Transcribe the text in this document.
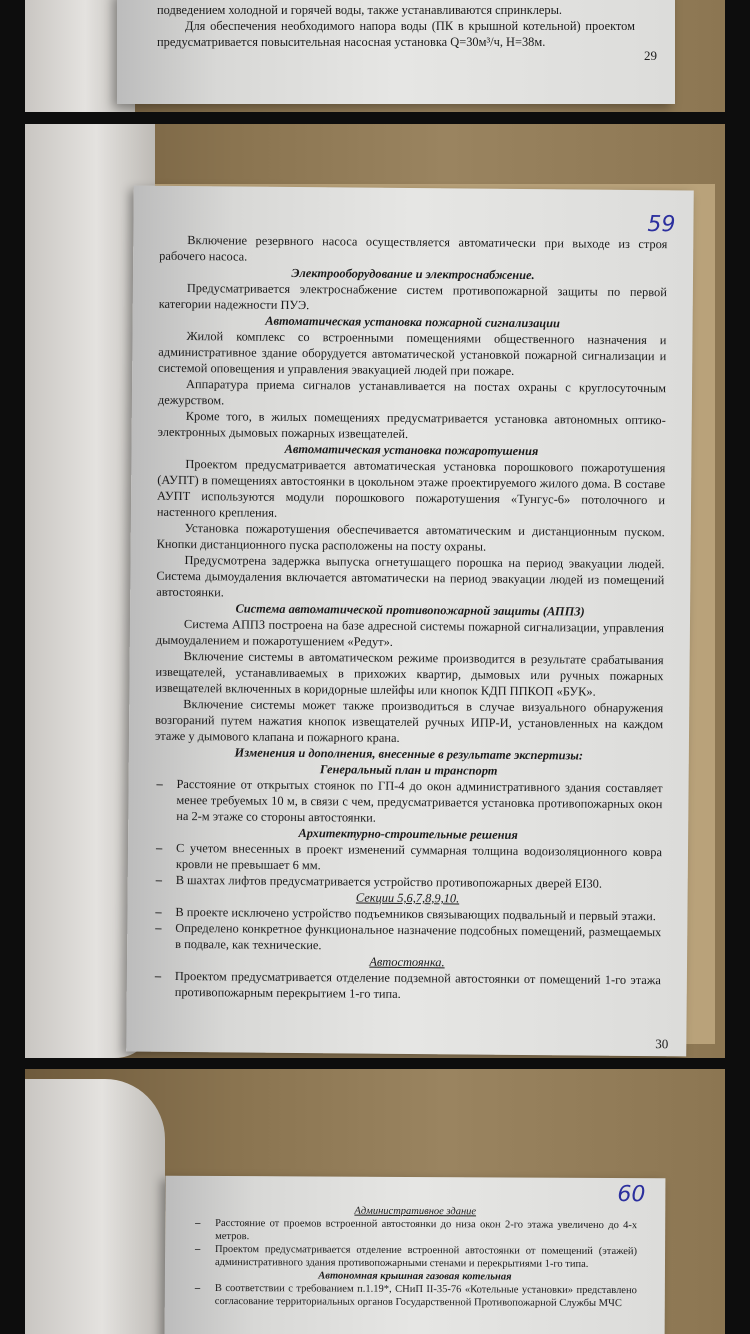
подведением холодной и горячей воды, также устанавливаются спринклеры.

Для обеспечения необходимого напора воды (ПК в крышной котельной) проектом предусматривается повысительная насосная установка Q=30м³/ч, H=38м.

29
59

Включение резервного насоса осуществляется автоматически при выходе из строя рабочего насоса.

Электрооборудование и электроснабжение.

Предусматривается электроснабжение систем противопожарной защиты по первой категории надежности ПУЭ.

Автоматическая установка пожарной сигнализации

Жилой комплекс со встроенными помещениями общественного назначения и административное здание оборудуется автоматической установкой пожарной сигнализации и системой оповещения и управления эвакуацией людей при пожаре.

Аппаратура приема сигналов устанавливается на постах охраны с круглосуточным дежурством.

Кроме того, в жилых помещениях предусматривается установка автономных оптико-электронных дымовых пожарных извещателей.

Автоматическая установка пожаротушения

Проектом предусматривается автоматическая установка порошкового пожаротушения (АУПТ) в помещениях автостоянки в цокольном этаже проектируемого жилого дома. В составе АУПТ используются модули порошкового пожаротушения «Тунгус-6» потолочного и настенного крепления.

Установка пожаротушения обеспечивается автоматическим и дистанционным пуском. Кнопки дистанционного пуска расположены на посту охраны.

Предусмотрена задержка выпуска огнетушащего порошка на период эвакуации людей. Система дымоудаления включается автоматически на период эвакуации людей из помещений автостоянки.

Система автоматической противопожарной защиты (АППЗ)

Система АППЗ построена на базе адресной системы пожарной сигнализации, управления дымоудалением и пожаротушением «Редут».

Включение системы в автоматическом режиме производится в результате срабатывания извещателей, устанавливаемых в прихожих квартир, дымовых или ручных пожарных извещателей включенных в коридорные шлейфы или кнопок КДП ППКОП «БУК».

Включение системы может также производиться в случае визуального обнаружения возгораний путем нажатия кнопок извещателей ручных ИПР-И, установленных на каждом этаже у дымового клапана и пожарного крана.

Изменения и дополнения, внесенные в результате экспертизы:

Генеральный план и транспорт

– Расстояние от открытых стоянок по ГП-4 до окон административного здания составляет менее требуемых 10 м, в связи с чем, предусматривается установка противопожарных окон на 2-м этаже со стороны автостоянки.

Архитектурно-строительные решения

– С учетом внесенных в проект изменений суммарная толщина водоизоляционного ковра кровли не превышает 6 мм.

– В шахтах лифтов предусматривается устройство противопожарных дверей EI30.

Секции 5,6,7,8,9,10.

– В проекте исключено устройство подъемников связывающих подвальный и первый этажи.

– Определено конкретное функциональное назначение подсобных помещений, размещаемых в подвале, как технические.

Автостоянка.

– Проектом предусматривается отделение подземной автостоянки от помещений 1-го этажа противопожарным перекрытием 1-го типа.

30
60

Административное здание

– Расстояние от проемов встроенной автостоянки до низа окон 2-го этажа увеличено до 4-х метров.

– Проектом предусматривается отделение встроенной автостоянки от помещений (этажей) административного здания противопожарными стенами и перекрытиями 1-го типа.

Автономная крышная газовая котельная

– В соответствии с требованием п.1.19*, СНиП II-35-76 «Котельные установки» представлено согласование территориальных органов Государственной Противопожарной Службы МЧС
